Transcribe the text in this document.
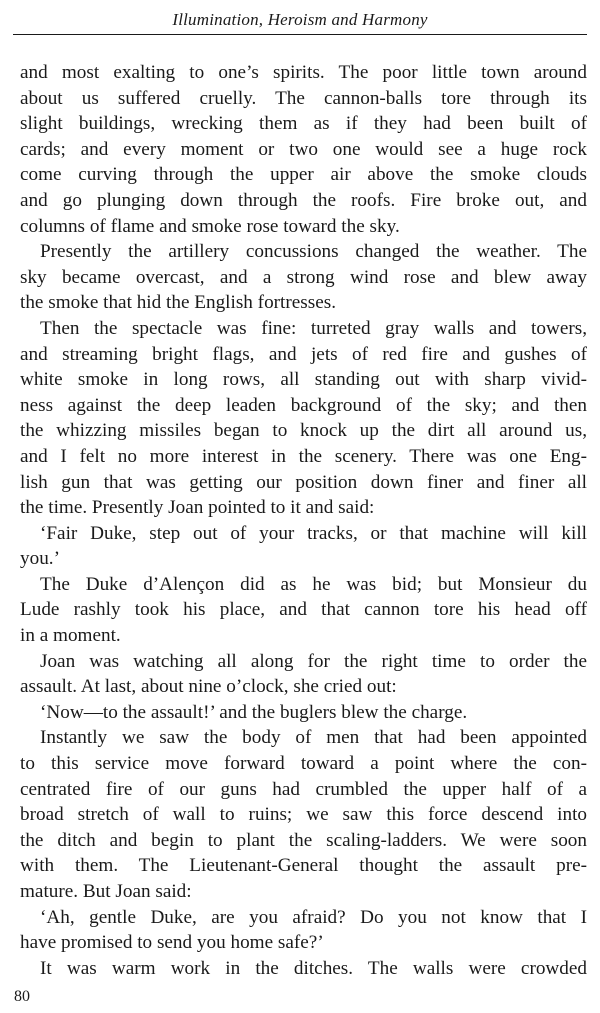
Illumination, Heroism and Harmony
and most exalting to one’s spirits. The poor little town around
about us suffered cruelly. The cannon-balls tore through its
slight buildings, wrecking them as if they had been built of
cards; and every moment or two one would see a huge rock
come curving through the upper air above the smoke clouds
and go plunging down through the roofs. Fire broke out, and
columns of flame and smoke rose toward the sky.
Presently the artillery concussions changed the weather. The
sky became overcast, and a strong wind rose and blew away
the smoke that hid the English fortresses.
Then the spectacle was fine: turreted gray walls and towers,
and streaming bright flags, and jets of red fire and gushes of
white smoke in long rows, all standing out with sharp vivid-
ness against the deep leaden background of the sky; and then
the whizzing missiles began to knock up the dirt all around us,
and I felt no more interest in the scenery. There was one Eng-
lish gun that was getting our position down finer and finer all
the time. Presently Joan pointed to it and said:
‘Fair Duke, step out of your tracks, or that machine will kill
you.’
The Duke d’Alençon did as he was bid; but Monsieur du
Lude rashly took his place, and that cannon tore his head off
in a moment.
Joan was watching all along for the right time to order the
assault. At last, about nine o’clock, she cried out:
‘Now—to the assault!’ and the buglers blew the charge.
Instantly we saw the body of men that had been appointed
to this service move forward toward a point where the con-
centrated fire of our guns had crumbled the upper half of a
broad stretch of wall to ruins; we saw this force descend into
the ditch and begin to plant the scaling-ladders. We were soon
with them. The Lieutenant-General thought the assault pre-
mature. But Joan said:
‘Ah, gentle Duke, are you afraid? Do you not know that I
have promised to send you home safe?’
It was warm work in the ditches. The walls were crowded
80
